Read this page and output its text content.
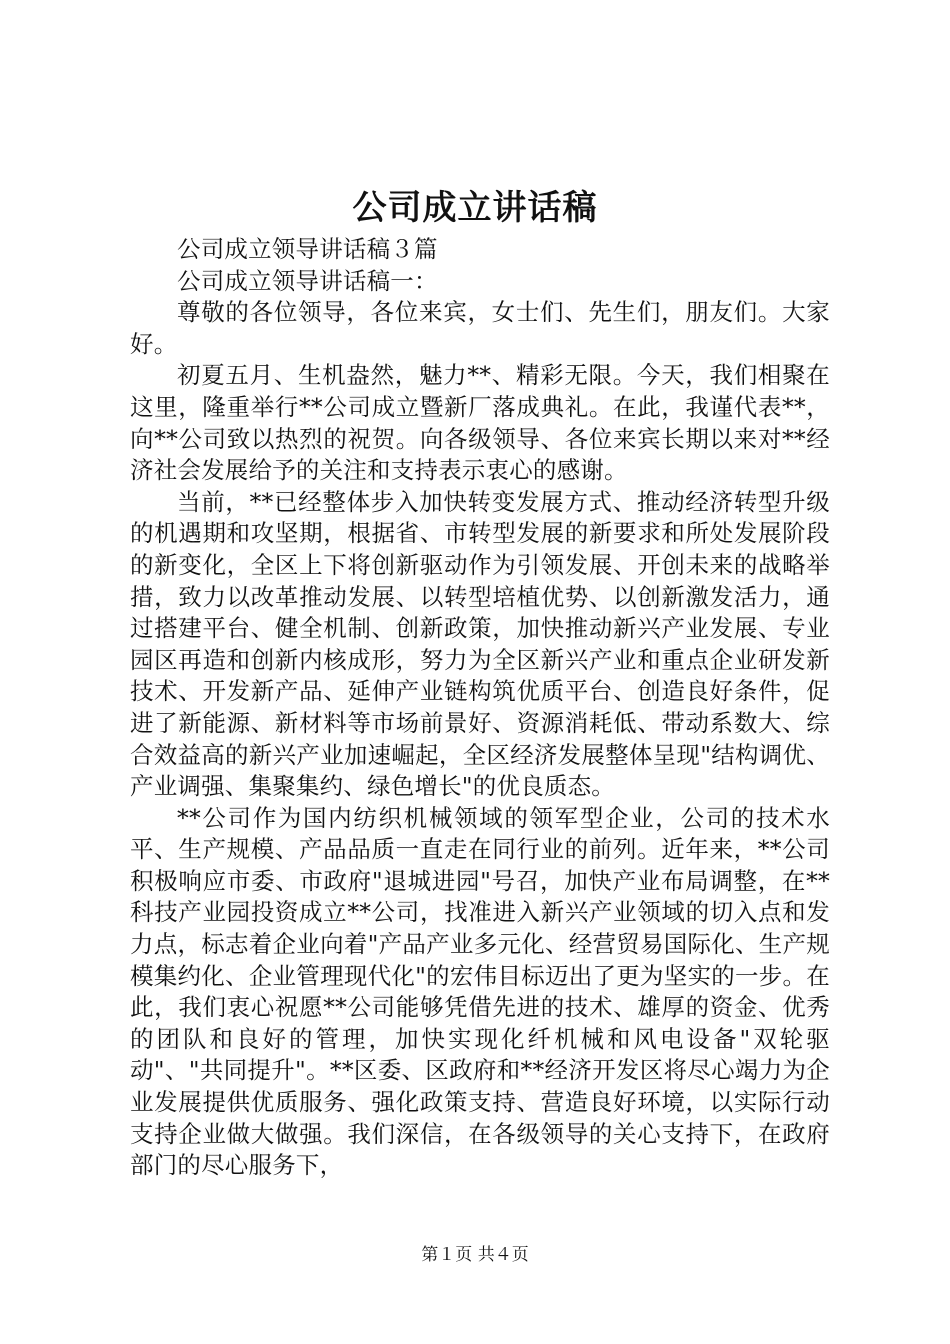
公司成立讲话稿

公司成立领导讲话稿３篇

公司成立领导讲话稿一：

尊敬的各位领导，各位来宾，女士们、先生们，朋友们。大家好。

初夏五月、生机盎然，魅力**、精彩无限。今天，我们相聚在这里，隆重举行**公司成立暨新厂落成典礼。在此，我谨代表**，向**公司致以热烈的祝贺。向各级领导、各位来宾长期以来对**经济社会发展给予的关注和支持表示衷心的感谢。

当前，**已经整体步入加快转变发展方式、推动经济转型升级的机遇期和攻坚期，根据省、市转型发展的新要求和所处发展阶段的新变化，全区上下将创新驱动作为引领发展、开创未来的战略举措，致力以改革推动发展、以转型培植优势、以创新激发活力，通过搭建平台、健全机制、创新政策，加快推动新兴产业发展、专业园区再造和创新内核成形，努力为全区新兴产业和重点企业研发新技术、开发新产品、延伸产业链构筑优质平台、创造良好条件，促进了新能源、新材料等市场前景好、资源消耗低、带动系数大、综合效益高的新兴产业加速崛起，全区经济发展整体呈现"结构调优、产业调强、集聚集约、绿色增长"的优良质态。

**公司作为国内纺织机械领域的领军型企业，公司的技术水平、生产规模、产品品质一直走在同行业的前列。近年来，**公司积极响应市委、市政府"退城进园"号召，加快产业布局调整，在**科技产业园投资成立**公司，找准进入新兴产业领域的切入点和发力点，标志着企业向着"产品产业多元化、经营贸易国际化、生产规模集约化、企业管理现代化"的宏伟目标迈出了更为坚实的一步。在此，我们衷心祝愿**公司能够凭借先进的技术、雄厚的资金、优秀的团队和良好的管理，加快实现化纤机械和风电设备"双轮驱动"、"共同提升"。**区委、区政府和**经济开发区将尽心竭力为企业发展提供优质服务、强化政策支持、营造良好环境，以实际行动支持企业做大做强。我们深信，在各级领导的关心支持下，在政府部门的尽心服务下，

第１页 共４页
